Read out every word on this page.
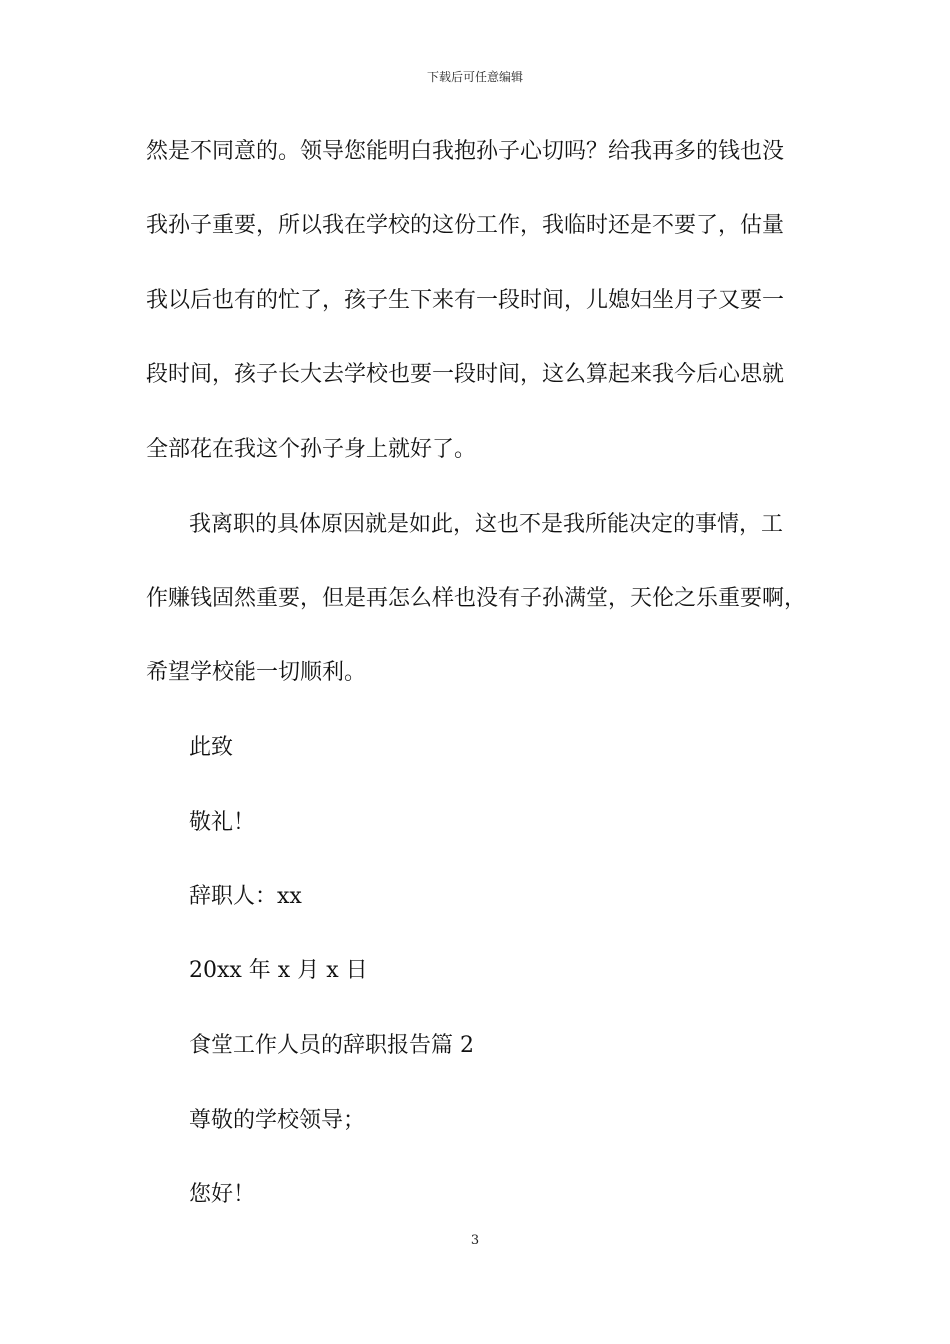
下载后可任意编辑
然是不同意的。领导您能明白我抱孙子心切吗？给我再多的钱也没
我孙子重要，所以我在学校的这份工作，我临时还是不要了，估量
我以后也有的忙了，孩子生下来有一段时间，儿媳妇坐月子又要一
段时间，孩子长大去学校也要一段时间，这么算起来我今后心思就
全部花在我这个孙子身上就好了。
我离职的具体原因就是如此，这也不是我所能决定的事情，工
作赚钱固然重要，但是再怎么样也没有子孙满堂，天伦之乐重要啊，
希望学校能一切顺利。
此致
敬礼！
辞职人：xx
20xx 年 x 月 x 日
食堂工作人员的辞职报告篇 2
尊敬的学校领导；
您好！
3
